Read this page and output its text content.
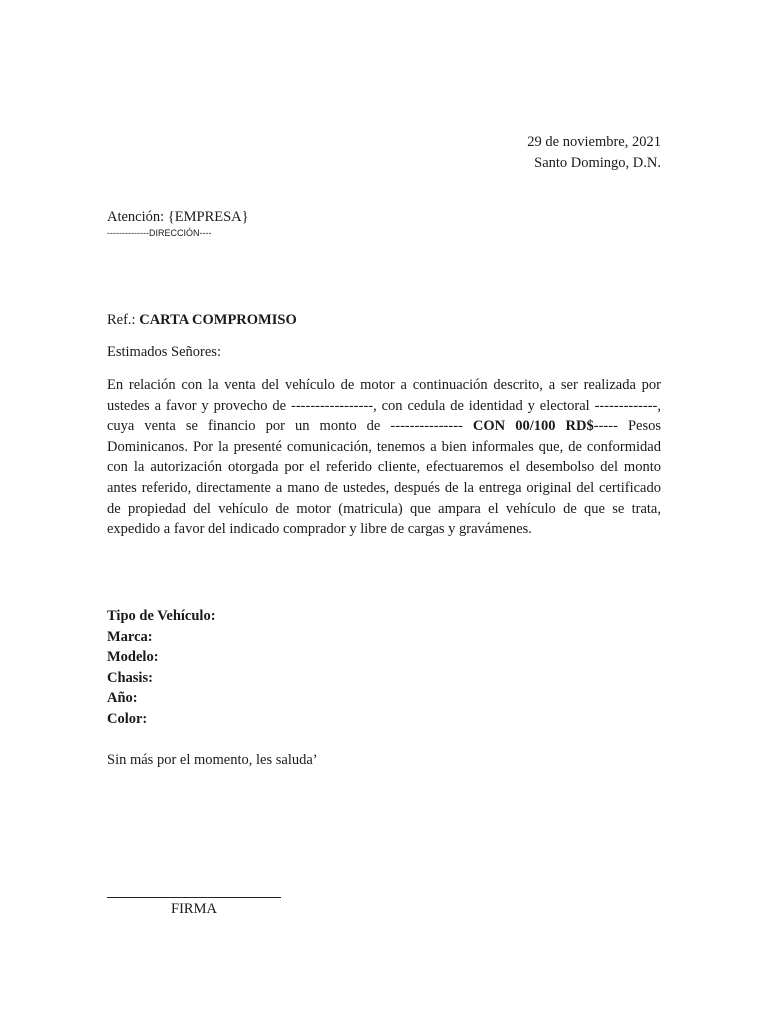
29 de noviembre, 2021
Santo Domingo, D.N.
Atención: {EMPRESA}
--------------DIRECCIÓN----
Ref.: CARTA COMPROMISO
Estimados Señores:

En relación con la venta del vehículo de motor a continuación descrito, a ser realizada por ustedes a favor y provecho de -----------------, con cedula de identidad y electoral -------------, cuya venta se financio por un monto de --------------- CON 00/100 RD$----- Pesos Dominicanos. Por la presenté comunicación, tenemos a bien informales que, de conformidad con la autorización otorgada por el referido cliente, efectuaremos el desembolso del monto antes referido, directamente a mano de ustedes, después de la entrega original del certificado de propiedad del vehículo de motor (matricula) que ampara el vehículo de que se trata, expedido a favor del indicado comprador y libre de cargas y gravámenes.

Tipo de Vehículo:
Marca:
Modelo:
Chasis:
Año:
Color:
Sin más por el momento, les saluda’
FIRMA
